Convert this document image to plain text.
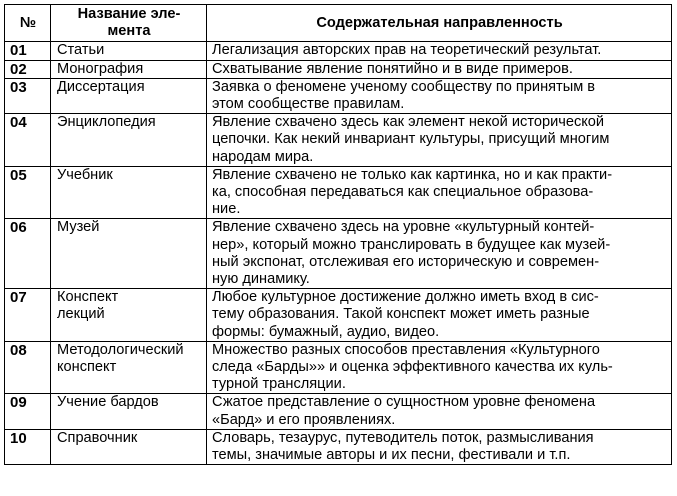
№	Название эле-
мента	Содержательная направленность
01	Статьи	Легализация авторских прав на теоретический результат.

02	Монография	Схватывание явление понятийно и в виде примеров.

03	Диссертация	Заявка о феномене ученому сообществу по принятым в
этом сообществе правилам.

04	Энциклопедия	Явление схвачено здесь как элемент некой исторической
цепочки. Как некий инвариант культуры, присущий многим
народам мира.

05	Учебник	Явление схвачено не только как картинка, но и как практи-
ка, способная передаваться как специальное образова-
ние.

06	Музей	Явление схвачено здесь на уровне «культурный контей-
нер», который можно транслировать в будущее как музей-
ный экспонат, отслеживая его историческую и современ-
ную динамику.

07	Конспект
лекций	Любое культурное достижение должно иметь вход в сис-
тему образования. Такой конспект может иметь разные
формы: бумажный, аудио, видео.

08	Методологический
конспект	Множество разных способов преставления «Культурного
следа «Барды»» и оценка эффективного качества их куль-
турной трансляции.

09	Учение бардов	Сжатое представление о сущностном уровне феномена
«Бард» и его проявлениях.

10	Справочник	Словарь, тезаурус, путеводитель поток, размысливания
темы, значимые авторы и их песни, фестивали и т.п.
